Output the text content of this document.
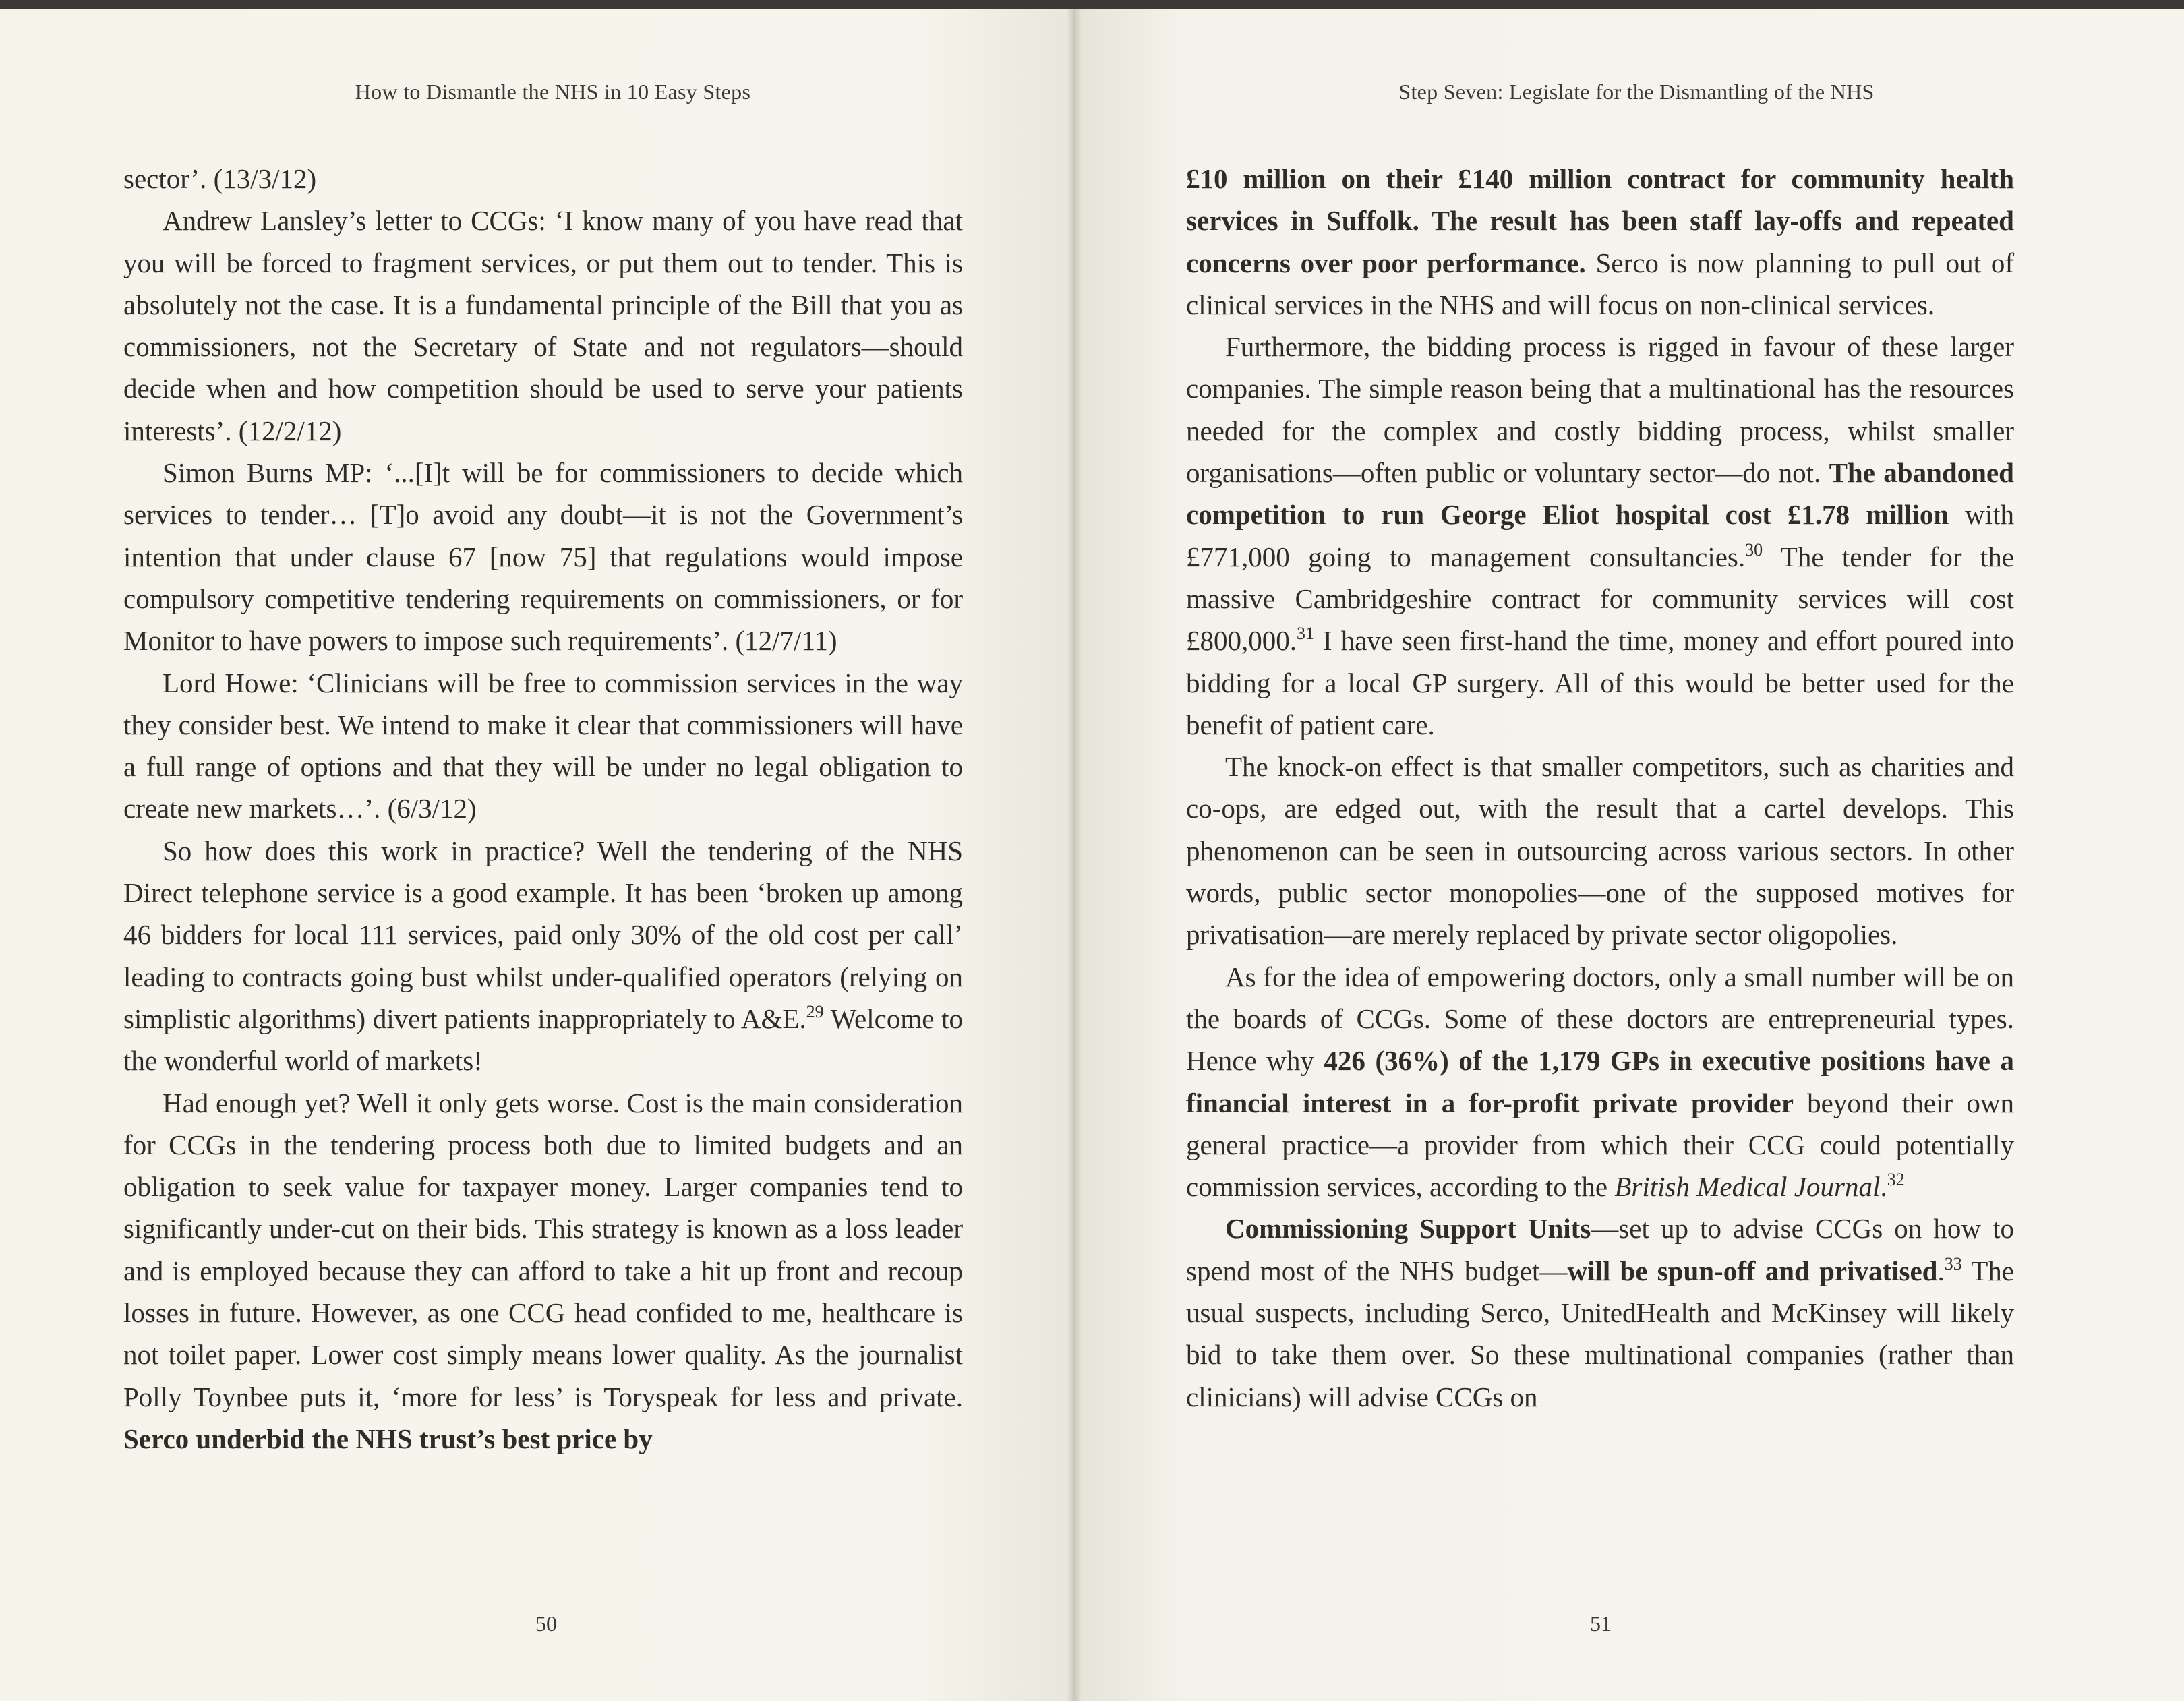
How to Dismantle the NHS in 10 Easy Steps

sector’. (13/3/12)

Andrew Lansley’s letter to CCGs: ‘I know many of you have read that you will be forced to fragment services, or put them out to tender. This is absolutely not the case. It is a fundamental principle of the Bill that you as commissioners, not the Secretary of State and not regulators—should decide when and how competition should be used to serve your patients interests’. (12/2/12)

Simon Burns MP: ‘...[I]t will be for commissioners to decide which services to tender… [T]o avoid any doubt—it is not the Government’s intention that under clause 67 [now 75] that regulations would impose compulsory competitive tendering requirements on commissioners, or for Monitor to have powers to impose such requirements’. (12/7/11)

Lord Howe: ‘Clinicians will be free to commission services in the way they consider best. We intend to make it clear that commissioners will have a full range of options and that they will be under no legal obligation to create new markets…’. (6/3/12)

So how does this work in practice? Well the tendering of the NHS Direct telephone service is a good example. It has been ‘broken up among 46 bidders for local 111 services, paid only 30% of the old cost per call’ leading to contracts going bust whilst under-qualified operators (relying on simplistic algorithms) divert patients inappropriately to A&E.$^{29}$ Welcome to the wonderful world of markets!

Had enough yet? Well it only gets worse. Cost is the main consideration for CCGs in the tendering process both due to limited budgets and an obligation to seek value for taxpayer money. Larger companies tend to significantly under-cut on their bids. This strategy is known as a loss leader and is employed because they can afford to take a hit up front and recoup losses in future. However, as one CCG head confided to me, healthcare is not toilet paper. Lower cost simply means lower quality. As the journalist Polly Toynbee puts it, ‘more for less’ is Toryspeak for less and private. Serco underbid the NHS trust’s best price by

50
Step Seven: Legislate for the Dismantling of the NHS

£10 million on their £140 million contract for community health services in Suffolk. The result has been staff lay-offs and repeated concerns over poor performance. Serco is now planning to pull out of clinical services in the NHS and will focus on non-clinical services.

Furthermore, the bidding process is rigged in favour of these larger companies. The simple reason being that a multinational has the resources needed for the complex and costly bidding process, whilst smaller organisations—often public or voluntary sector—do not. The abandoned competition to run George Eliot hospital cost £1.78 million with £771,000 going to management consultancies.$^{30}$ The tender for the massive Cambridgeshire contract for community services will cost £800,000.31 I have seen first-hand the time, money and effort poured into bidding for a local GP surgery. All of this would be better used for the benefit of patient care.

The knock-on effect is that smaller competitors, such as charities and co-ops, are edged out, with the result that a cartel develops. This phenomenon can be seen in outsourcing across various sectors. In other words, public sector monopolies—one of the supposed motives for privatisation—are merely replaced by private sector oligopolies.

As for the idea of empowering doctors, only a small number will be on the boards of CCGs. Some of these doctors are entrepreneurial types. Hence why 426 (36%) of the 1,179 GPs in executive positions have a financial interest in a for-profit private provider beyond their own general practice—a provider from which their CCG could potentially commission services, according to the British Medical Journal.$^{32}$

Commissioning Support Units—set up to advise CCGs on how to spend most of the NHS budget—will be spun-off and privatised.$^{33}$ The usual suspects, including Serco, UnitedHealth and McKinsey will likely bid to take them over. So these multinational companies (rather than clinicians) will advise CCGs on

51
